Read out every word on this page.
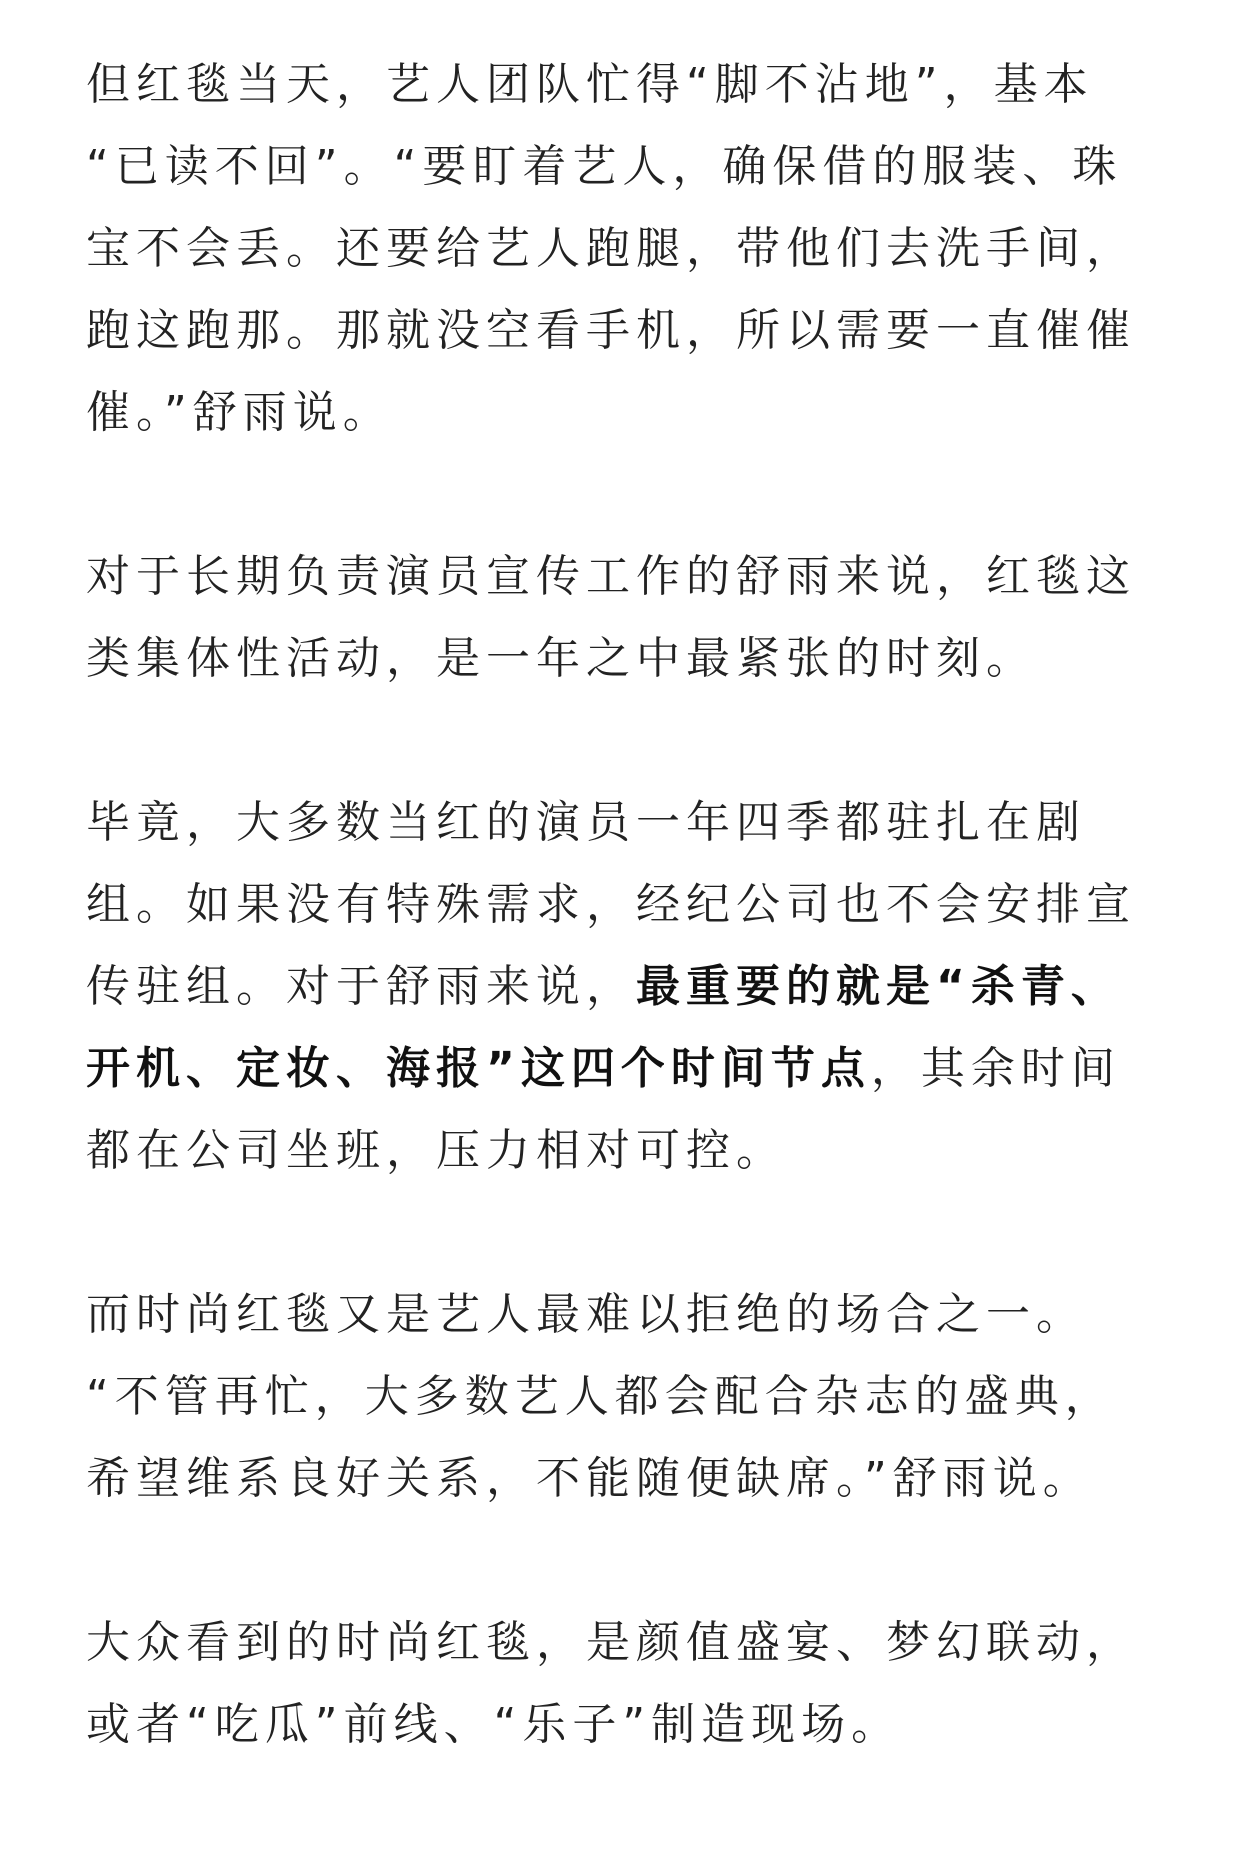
但红毯当天，艺人团队忙得“脚不沾地”，基本
“已读不回”。“要盯着艺人，确保借的服装、珠
宝不会丢。还要给艺人跑腿，带他们去洗手间，
跑这跑那。那就没空看手机，所以需要一直催催
催。”舒雨说。

对于长期负责演员宣传工作的舒雨来说，红毯这
类集体性活动，是一年之中最紧张的时刻。

毕竟，大多数当红的演员一年四季都驻扎在剧
组。如果没有特殊需求，经纪公司也不会安排宣
传驻组。对于舒雨来说，最重要的就是“杀青、
开机、定妆、海报”这四个时间节点，其余时间
都在公司坐班，压力相对可控。

而时尚红毯又是艺人最难以拒绝的场合之一。
“不管再忙，大多数艺人都会配合杂志的盛典，
希望维系良好关系，不能随便缺席。”舒雨说。

大众看到的时尚红毯，是颜值盛宴、梦幻联动，
或者“吃瓜”前线、“乐子”制造现场。
